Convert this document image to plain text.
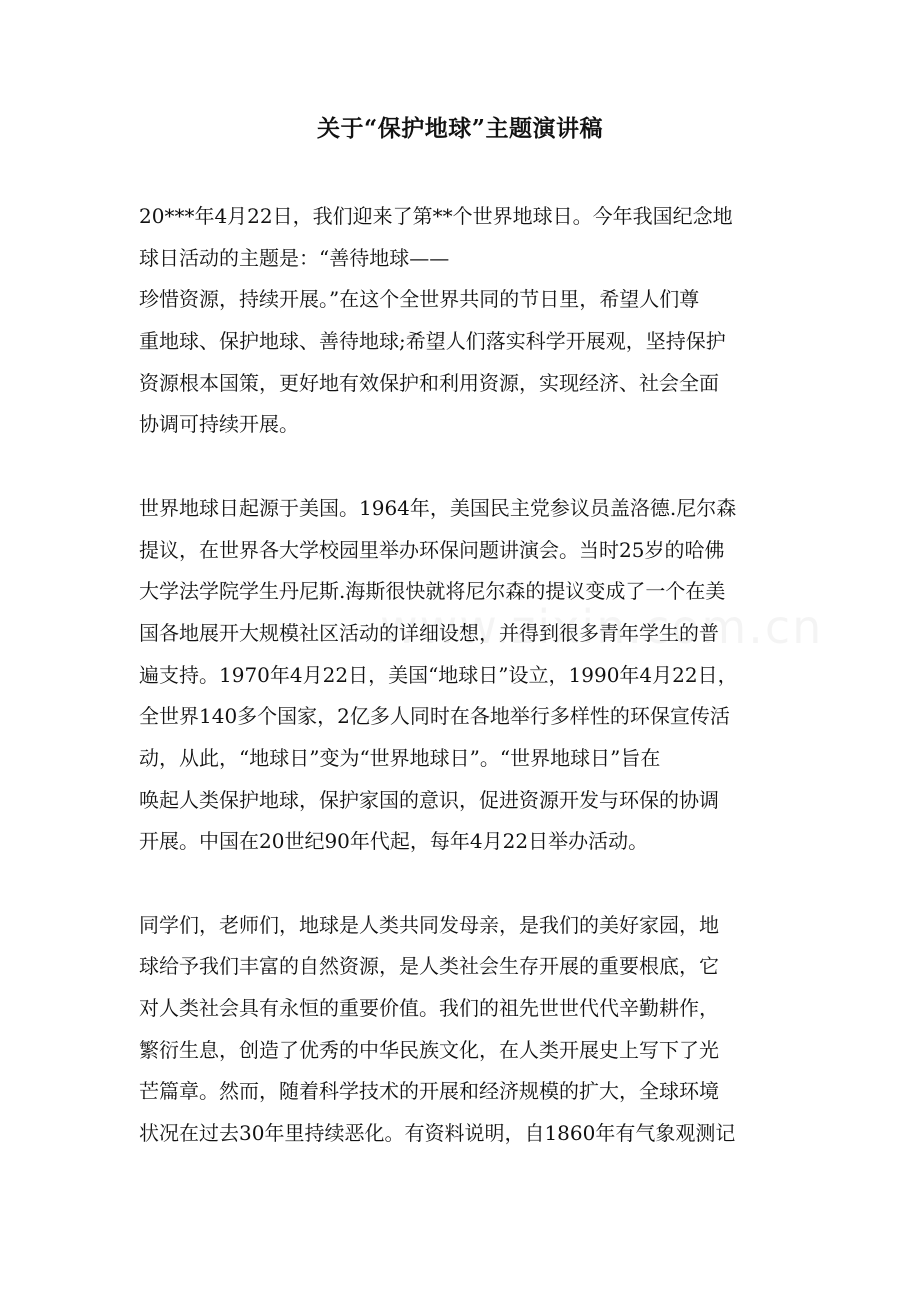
关于“保护地球”主题演讲稿
20***年4月22日，我们迎来了第**个世界地球日。今年我国纪念地
球日活动的主题是：“善待地球——
珍惜资源，持续开展。”在这个全世界共同的节日里，希望人们尊
重地球、保护地球、善待地球;希望人们落实科学开展观，坚持保护
资源根本国策，更好地有效保护和利用资源，实现经济、社会全面
协调可持续开展。
世界地球日起源于美国。1964年，美国民主党参议员盖洛德.尼尔森
提议，在世界各大学校园里举办环保问题讲演会。当时25岁的哈佛
大学法学院学生丹尼斯.海斯很快就将尼尔森的提议变成了一个在美
国各地展开大规模社区活动的详细设想，并得到很多青年学生的普
遍支持。1970年4月22日，美国“地球日”设立，1990年4月22日，
全世界140多个国家，2亿多人同时在各地举行多样性的环保宣传活
动，从此，“地球日”变为“世界地球日”。“世界地球日”旨在
唤起人类保护地球，保护家国的意识，促进资源开发与环保的协调
开展。中国在20世纪90年代起，每年4月22日举办活动。
同学们，老师们，地球是人类共同发母亲，是我们的美好家园，地
球给予我们丰富的自然资源，是人类社会生存开展的重要根底，它
对人类社会具有永恒的重要价值。我们的祖先世世代代辛勤耕作，
繁衍生息，创造了优秀的中华民族文化，在人类开展史上写下了光
芒篇章。然而，随着科学技术的开展和经济规模的扩大，全球环境
状况在过去30年里持续恶化。有资料说明，自1860年有气象观测记
